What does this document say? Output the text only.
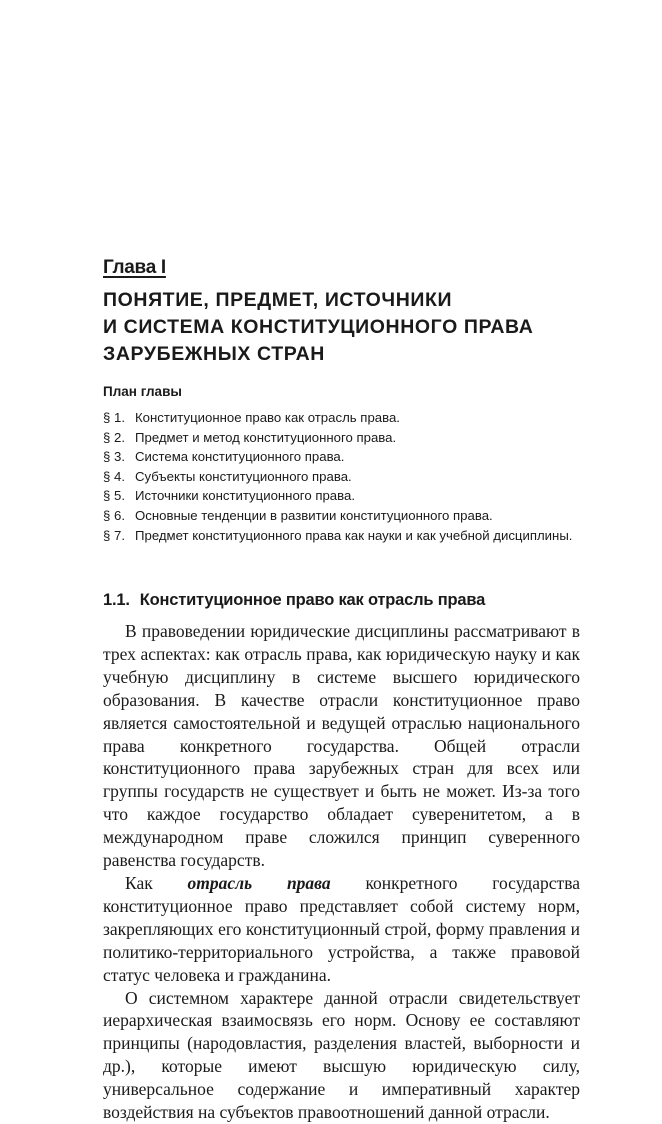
Глава I
ПОНЯТИЕ, ПРЕДМЕТ, ИСТОЧНИКИ
И СИСТЕМА КОНСТИТУЦИОННОГО ПРАВА
ЗАРУБЕЖНЫХ СТРАН
План главы
§ 1. Конституционное право как отрасль права.
§ 2. Предмет и метод конституционного права.
§ 3. Система конституционного права.
§ 4. Субъекты конституционного права.
§ 5. Источники конституционного права.
§ 6. Основные тенденции в развитии конституционного права.
§ 7. Предмет конституционного права как науки и как учебной дисциплины.
1.1. Конституционное право как отрасль права

В правоведении юридические дисциплины рассматривают в трех аспектах: как отрасль права, как юридическую науку и как учебную дисциплину в системе высшего юридического образования. В качестве отрасли конституционное право является самостоятельной и ведущей отраслью национального права конкретного государства. Общей отрасли конституционного права зарубежных стран для всех или группы государств не существует и быть не может. Из-за того что каждое государство обладает суверенитетом, а в международном праве сложился принцип суверенного равенства государств.

Как отрасль права конкретного государства конституционное право представляет собой систему норм, закрепляющих его конституционный строй, форму правления и политико-территориального устройства, а также правовой статус человека и гражданина.

О системном характере данной отрасли свидетельствует иерархическая взаимосвязь его норм. Основу ее составляют принципы (народовластия, разделения властей, выборности и др.), которые имеют высшую юридическую силу, универсальное содержание и императивный характер воздействия на субъектов правоотношений данной отрасли.
